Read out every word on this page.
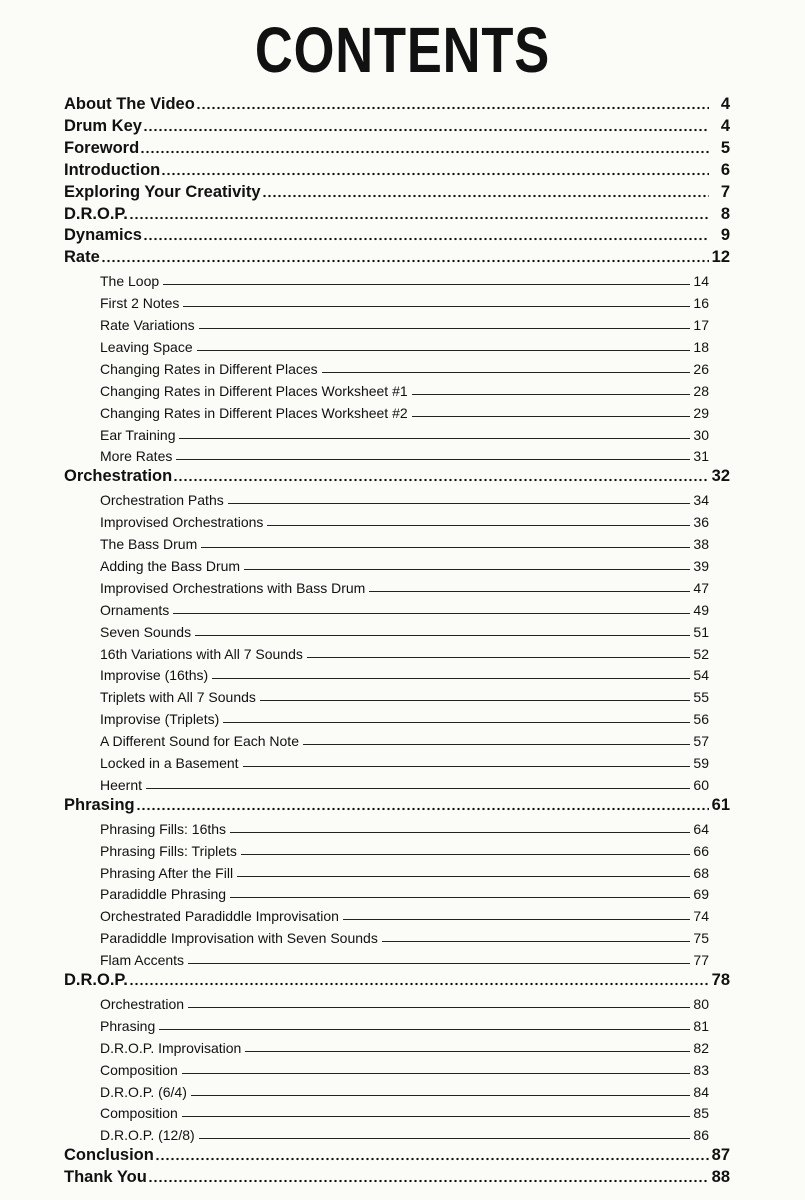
CONTENTS
About The Video	4
Drum Key	4
Foreword	5
Introduction	6
Exploring Your Creativity	7
D.R.O.P.	8
Dynamics	9
Rate	12
The Loop	14
First 2 Notes	16
Rate Variations	17
Leaving Space	18
Changing Rates in Different Places	26
Changing Rates in Different Places Worksheet #1	28
Changing Rates in Different Places Worksheet #2	29
Ear Training	30
More Rates	31
Orchestration	32
Orchestration Paths	34
Improvised Orchestrations	36
The Bass Drum	38
Adding the Bass Drum	39
Improvised Orchestrations with Bass Drum	47
Ornaments	49
Seven Sounds	51
16th Variations with All 7 Sounds	52
Improvise (16ths)	54
Triplets with All 7 Sounds	55
Improvise (Triplets)	56
A Different Sound for Each Note	57
Locked in a Basement	59
Heernt	60
Phrasing	61
Phrasing Fills: 16ths	64
Phrasing Fills: Triplets	66
Phrasing After the Fill	68
Paradiddle Phrasing	69
Orchestrated Paradiddle Improvisation	74
Paradiddle Improvisation with Seven Sounds	75
Flam Accents	77
D.R.O.P.	78
Orchestration	80
Phrasing	81
D.R.O.P. Improvisation	82
Composition	83
D.R.O.P. (6/4)	84
Composition	85
D.R.O.P. (12/8)	86
Conclusion	87
Thank You	88
